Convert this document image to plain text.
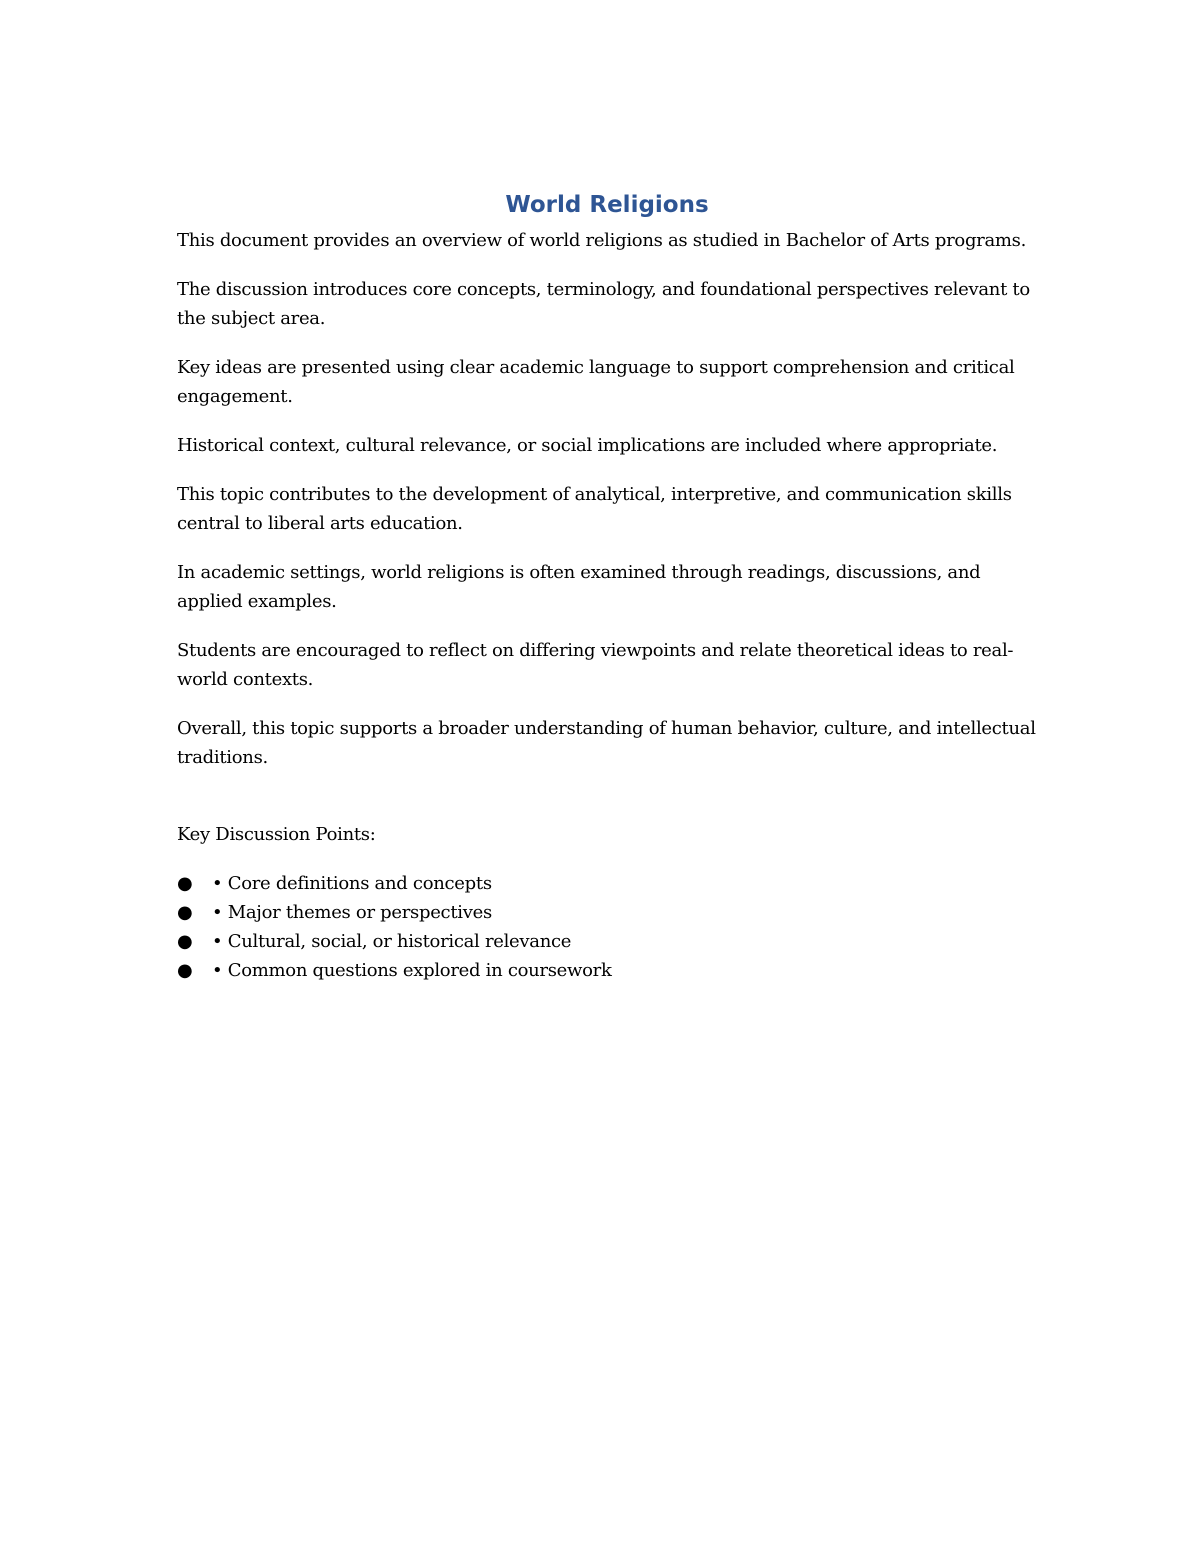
World Religions

This document provides an overview of world religions as studied in Bachelor of Arts programs.

The discussion introduces core concepts, terminology, and foundational perspectives relevant to the subject area.

Key ideas are presented using clear academic language to support comprehension and critical engagement.

Historical context, cultural relevance, or social implications are included where appropriate.

This topic contributes to the development of analytical, interpretive, and communication skills central to liberal arts education.

In academic settings, world religions is often examined through readings, discussions, and applied examples.

Students are encouraged to reflect on differing viewpoints and relate theoretical ideas to real-world contexts.

Overall, this topic supports a broader understanding of human behavior, culture, and intellectual traditions.

Key Discussion Points:

● • Core definitions and concepts
● • Major themes or perspectives
● • Cultural, social, or historical relevance
● • Common questions explored in coursework
